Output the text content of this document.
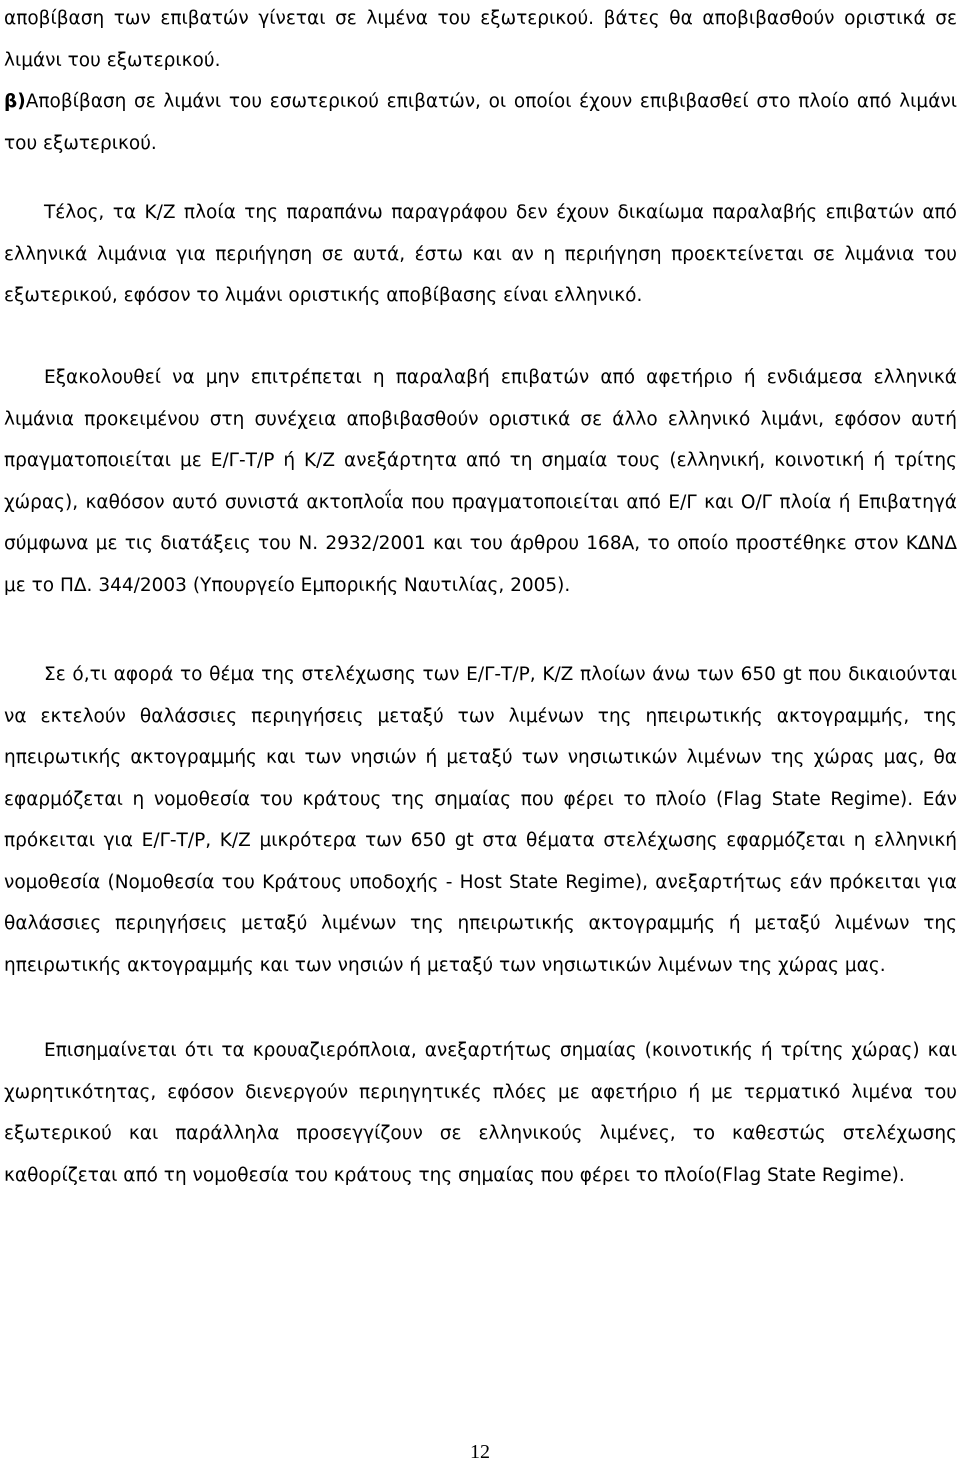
αποβίβαση των επιβατών γίνεται σε λιμένα του εξωτερικού. βάτες θα αποβιβασθούν οριστικά σε λιμάνι του εξωτερικού.

β)Αποβίβαση σε λιμάνι του εσωτερικού επιβατών, οι οποίοι έχουν επιβιβασθεί στο πλοίο από λιμάνι του εξωτερικού.

Τέλος, τα Κ/Ζ πλοία της παραπάνω παραγράφου δεν έχουν δικαίωμα παραλαβής επιβατών από ελληνικά λιμάνια για περιήγηση σε αυτά, έστω και αν η περιήγηση προεκτείνεται σε λιμάνια του εξωτερικού, εφόσον το λιμάνι οριστικής αποβίβασης είναι ελληνικό.

Εξακολουθεί να μην επιτρέπεται η παραλαβή επιβατών από αφετήριο ή ενδιάμεσα ελληνικά λιμάνια προκειμένου στη συνέχεια αποβιβασθούν οριστικά σε άλλο ελληνικό λιμάνι, εφόσον αυτή πραγματοποιείται με Ε/Γ-Τ/Ρ ή Κ/Ζ ανεξάρτητα από τη σημαία τους (ελληνική, κοινοτική ή τρίτης χώρας), καθόσον αυτό συνιστά ακτοπλοΐα που πραγματοποιείται από Ε/Γ και Ο/Γ πλοία ή Επιβατηγά σύμφωνα με τις διατάξεις του Ν. 2932/2001 και του άρθρου 168Α, το οποίο προστέθηκε στον ΚΔΝΔ με το ΠΔ. 344/2003 (Υπουργείο Εμπορικής Ναυτιλίας, 2005).

Σε ό,τι αφορά το θέμα της στελέχωσης των Ε/Γ-Τ/Ρ, Κ/Ζ πλοίων άνω των 650 gt που δικαιούνται να εκτελούν θαλάσσιες περιηγήσεις μεταξύ των λιμένων της ηπειρωτικής ακτογραμμής, της ηπειρωτικής ακτογραμμής και των νησιών ή μεταξύ των νησιωτικών λιμένων της χώρας μας, θα εφαρμόζεται η νομοθεσία του κράτους της σημαίας που φέρει το πλοίο (Flag State Regime). Εάν πρόκειται για Ε/Γ-Τ/Ρ, Κ/Ζ μικρότερα των 650 gt στα θέματα στελέχωσης εφαρμόζεται η ελληνική νομοθεσία (Νομοθεσία του Κράτους υποδοχής - Host State Regime), ανεξαρτήτως εάν πρόκειται για θαλάσσιες περιηγήσεις μεταξύ λιμένων της ηπειρωτικής ακτογραμμής ή μεταξύ λιμένων της ηπειρωτικής ακτογραμμής και των νησιών ή μεταξύ των νησιωτικών λιμένων της χώρας μας.

Επισημαίνεται ότι τα κρουαζιερόπλοια, ανεξαρτήτως σημαίας (κοινοτικής ή τρίτης χώρας) και χωρητικότητας, εφόσον διενεργούν περιηγητικές πλόες με αφετήριο ή με τερματικό λιμένα του εξωτερικού και παράλληλα προσεγγίζουν σε ελληνικούς λιμένες, το καθεστώς στελέχωσης καθορίζεται από τη νομοθεσία του κράτους της σημαίας που φέρει το πλοίο(Flag State Regime).

12
